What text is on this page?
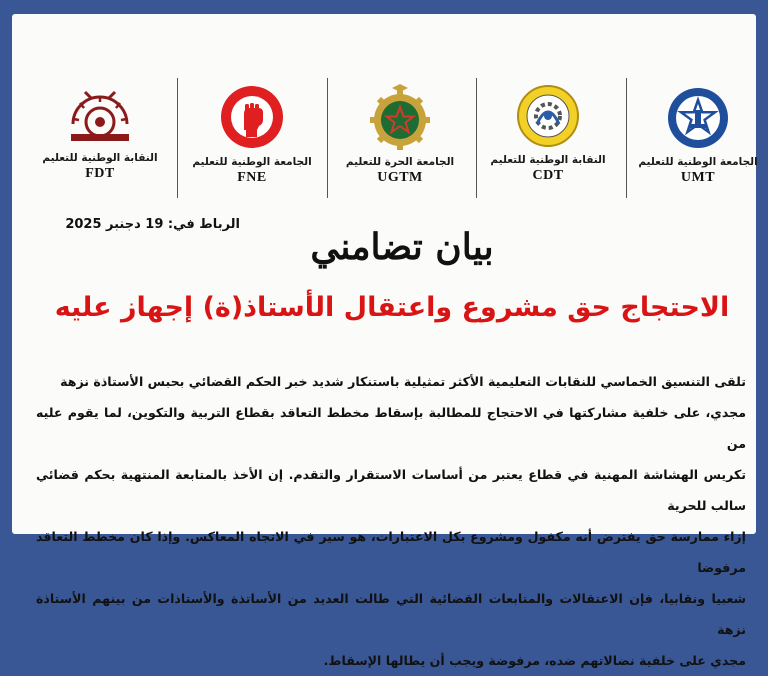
النقابة الوطنية للتعليم
FDT
الجامعة الوطنية للتعليم
FNE
الجامعة الحرة للتعليم
UGTM
النقابة الوطنية للتعليم
CDT
الجامعة الوطنية للتعليم
UMT
الرباط في: 19 دجنبر 2025
بيان تضامني
الاحتجاج حق مشروع واعتقال الأستاذ(ة) إجهاز عليه

تلقى التنسيق الخماسي للنقابات التعليمية الأكثر تمثيلية باستنكار شديد خبر الحكم القضائي بحبس الأستاذة نزهة

مجدي، على خلفية مشاركتها في الاحتجاج للمطالبة بإسقاط مخطط التعاقد بقطاع التربية والتكوين، لما يقوم عليه من

تكريس الهشاشة المهنية في قطاع يعتبر من أساسات الاستقرار والتقدم. إن الأخذ بالمتابعة المنتهية بحكم قضائي سالب للحرية

إزاء ممارسة حق يفترض أنه مكفول ومشروع بكل الاعتبارات، هو سير في الاتجاه المعاكس. وإذا كان مخطط التعاقد مرفوضا

شعبيا ونقابيا، فإن الاعتقالات والمتابعات القضائية التي طالت العديد من الأساتذة والأستاذات من بينهم الأستاذة نزهة

مجدي على خلفية نضالاتهم ضده، مرفوضة ويجب أن يطالها الإسقاط.
